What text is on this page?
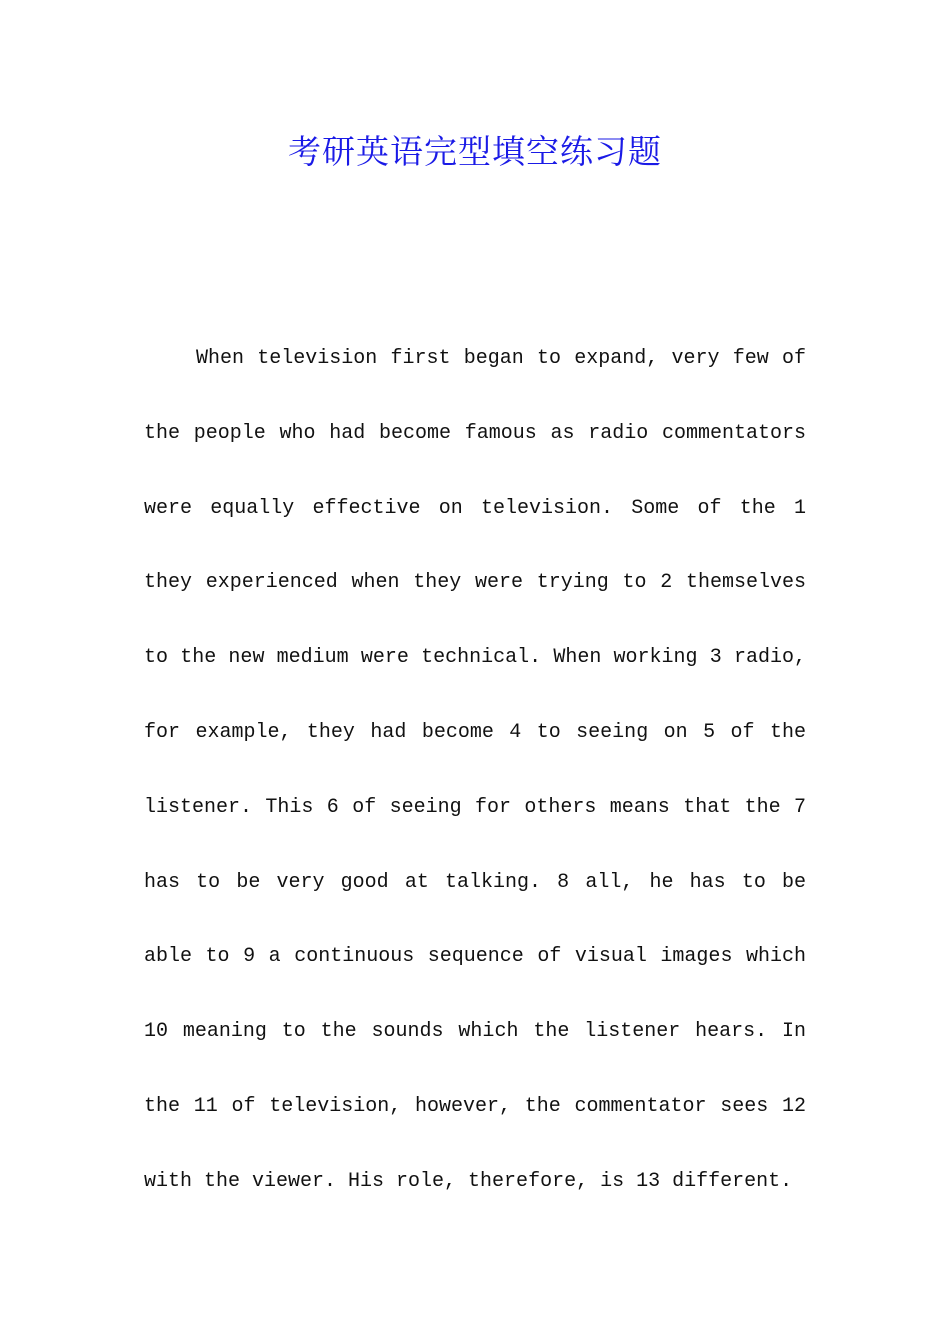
考研英语完型填空练习题
When television first began to expand, very few of
the people who had become famous as radio commentators
were equally effective on television. Some of the 1
they experienced when they were trying to 2 themselves
to the new medium were technical. When working 3 radio,
for example, they had become 4 to seeing on 5 of the
listener. This 6 of seeing for others means that the 7
has to be very good at talking. 8 all, he has to be
able to 9 a continuous sequence of visual images which
10 meaning to the sounds which the listener hears. In
the 11 of television, however, the commentator sees 12
with the viewer. His role, therefore, is 13 different.
